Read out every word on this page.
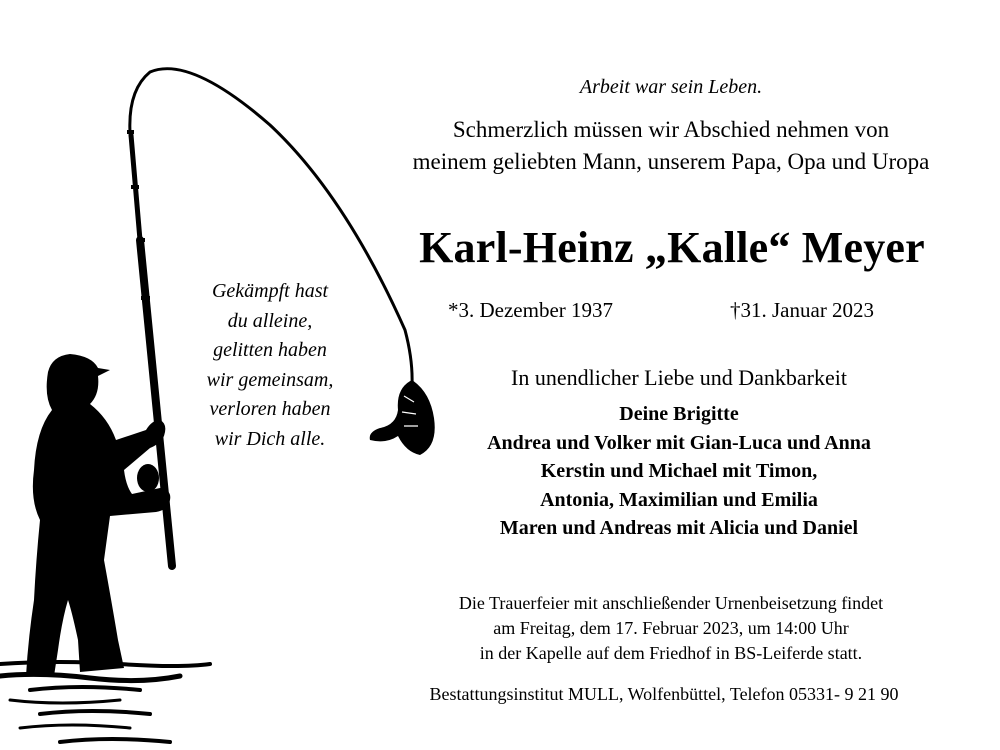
Arbeit war sein Leben.

Schmerzlich müssen wir Abschied nehmen von
meinem geliebten Mann, unserem Papa, Opa und Uropa

Karl-Heinz „Kalle“ Meyer

*3. Dezember 1937	†31. Januar 2023

Gekämpft hast
du alleine,
gelitten haben
wir gemeinsam,
verloren haben
wir Dich alle.

In unendlicher Liebe und Dankbarkeit

Deine Brigitte
Andrea und Volker mit Gian-Luca und Anna
Kerstin und Michael mit Timon,
Antonia, Maximilian und Emilia
Maren und Andreas mit Alicia und Daniel

Die Trauerfeier mit anschließender Urnenbeisetzung findet
am Freitag, dem 17. Februar 2023, um 14:00 Uhr
in der Kapelle auf dem Friedhof in BS-Leiferde statt.

Bestattungsinstitut MULL, Wolfenbüttel, Telefon 05331- 9 21 90
